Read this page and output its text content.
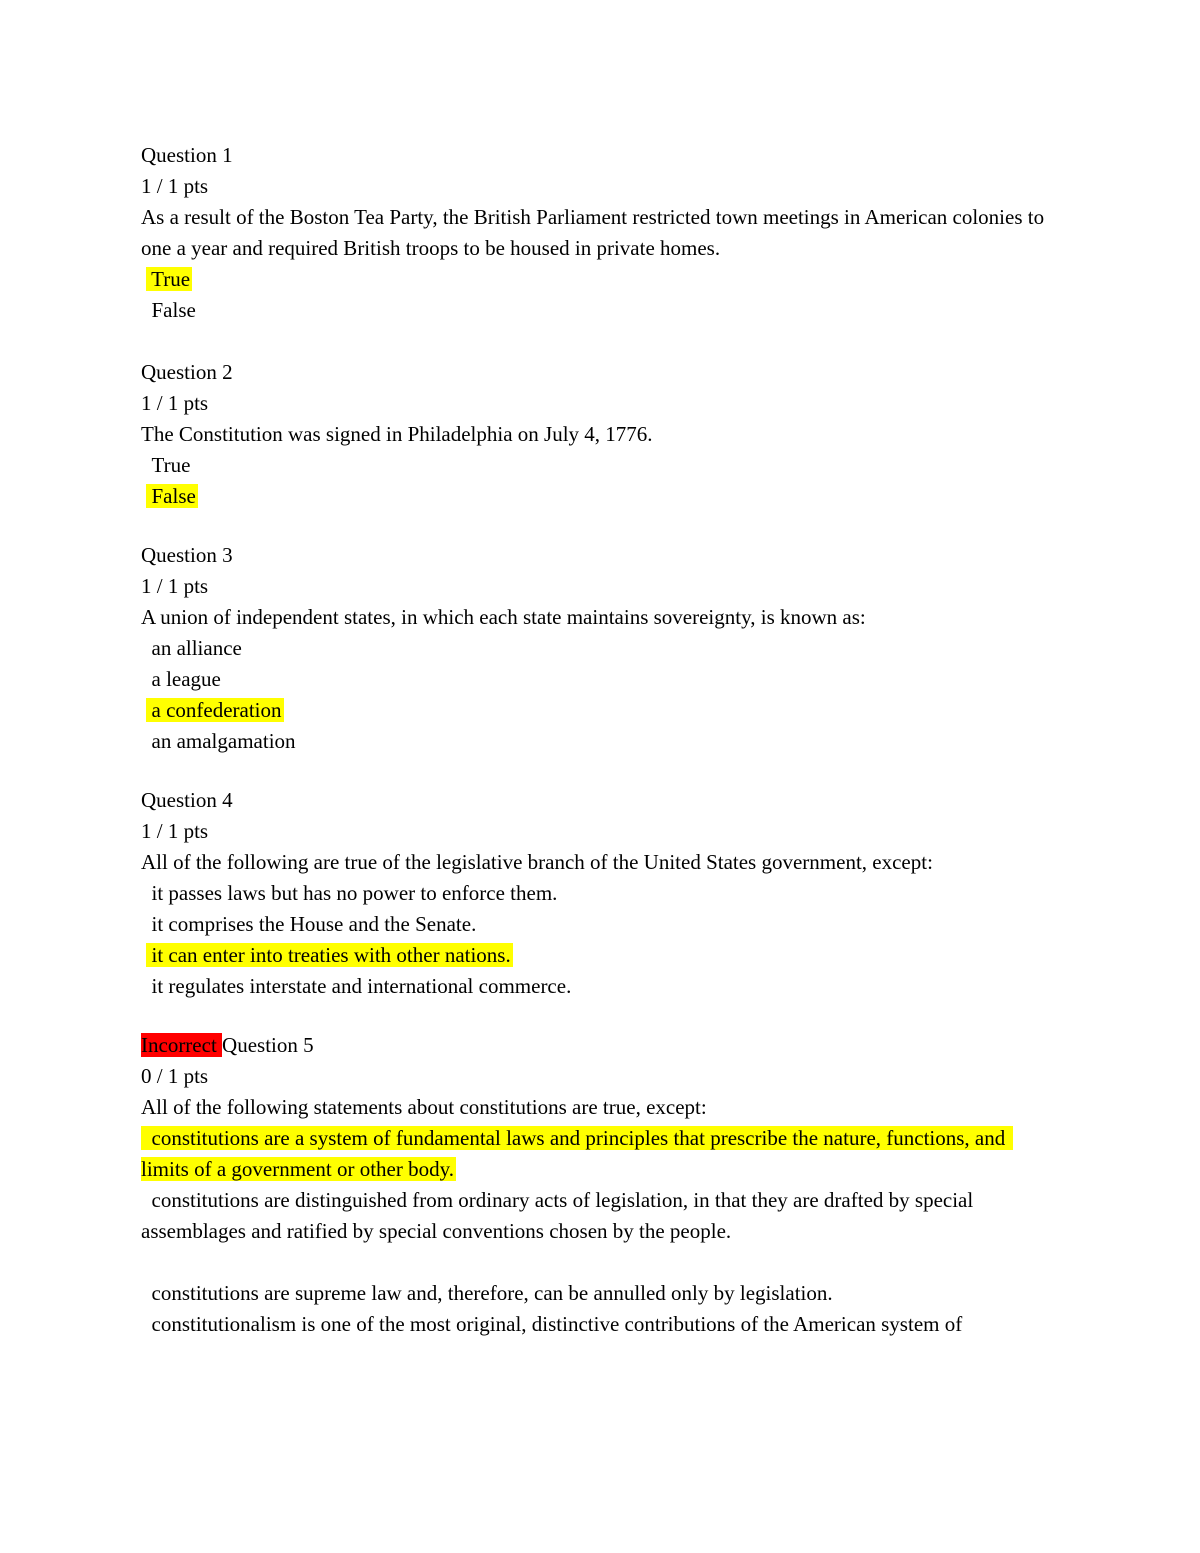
Question 1
1 / 1 pts
As a result of the Boston Tea Party, the British Parliament restricted town meetings in American colonies to one a year and required British troops to be housed in private homes.
True
False
Question 2
1 / 1 pts
The Constitution was signed in Philadelphia on July 4, 1776.
True
False
Question 3
1 / 1 pts
A union of independent states, in which each state maintains sovereignty, is known as:
an alliance
a league
a confederation
an amalgamation
Question 4
1 / 1 pts
All of the following are true of the legislative branch of the United States government, except:
it passes laws but has no power to enforce them.
it comprises the House and the Senate.
it can enter into treaties with other nations.
it regulates interstate and international commerce.
Incorrect Question 5
0 / 1 pts
All of the following statements about constitutions are true, except:
constitutions are a system of fundamental laws and principles that prescribe the nature, functions, and limits of a government or other body.
constitutions are distinguished from ordinary acts of legislation, in that they are drafted by special
assemblages and ratified by special conventions chosen by the people.
constitutions are supreme law and, therefore, can be annulled only by legislation.
constitutionalism is one of the most original, distinctive contributions of the American system of
